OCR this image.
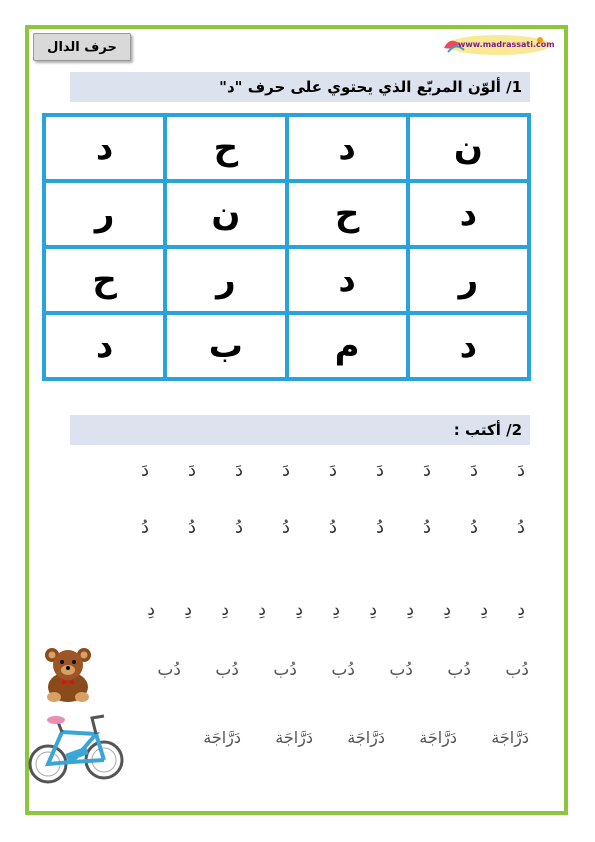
حرف الدال	www.madrassati.com
1/ ألوّن المربّع الذي يحتوي على حرف "د"
ن
د
ح
د
د
ح
ن
ر
ر
د
ر
ح
د
م
ب
د
2/ أكتب :
دَ
دَ
دَ
دَ
دَ
دَ
دَ
دَ
دَ
دُ
دُ
دُ
دُ
دُ
دُ
دُ
دُ
دُ
دِ
دِ
دِ
دِ
دِ
دِ
دِ
دِ
دِ
دِ
دِ
دُب
دُب
دُب
دُب
دُب
دُب
دُب
دَرَّاجَة
دَرَّاجَة
دَرَّاجَة
دَرَّاجَة
دَرَّاجَة
